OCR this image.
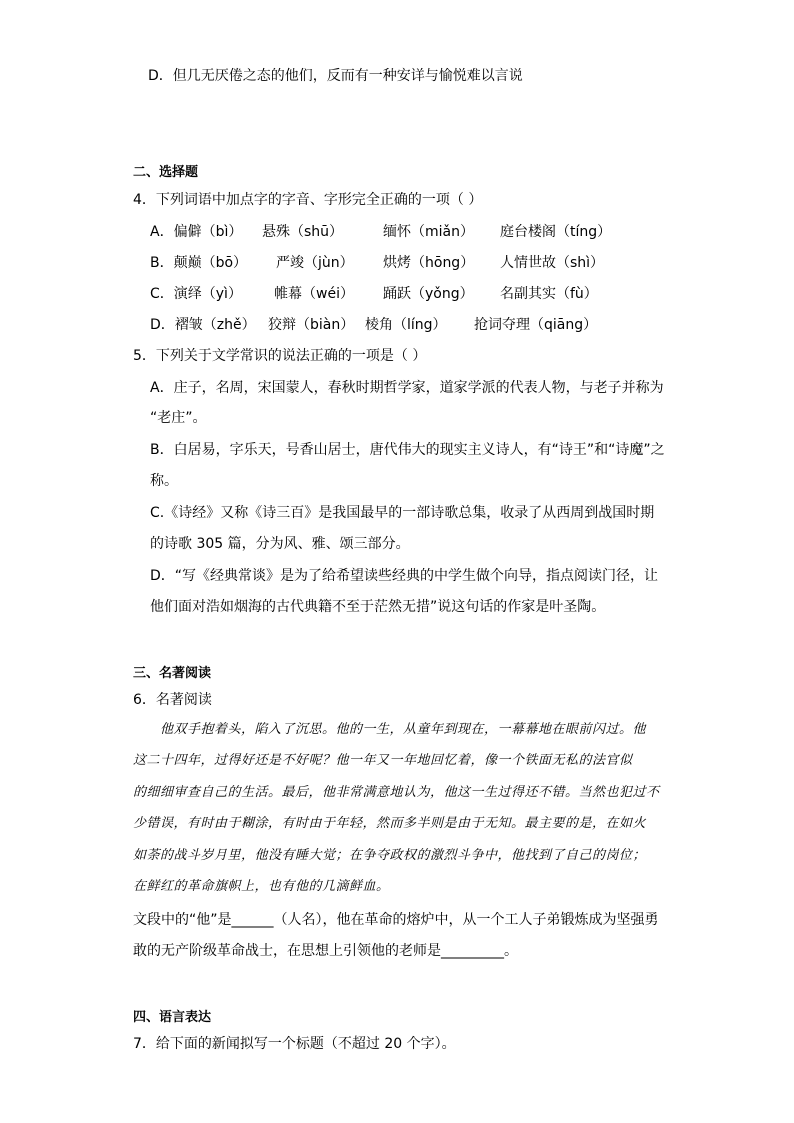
D．但几无厌倦之态的他们，反而有一种安详与愉悦难以言说
二、选择题
4．下列词语中加点字的字音、字形完全正确的一项（ ）
A．偏僻（bì） 悬殊（shū）	缅怀（miǎn） 庭台楼阁（tíng）
B．颠巅（bō） 严竣（jùn） 烘烤（hōng） 人情世故（shì）
C．演绎（yì） 帷幕（wéi） 踊跃（yǒng） 名副其实（fù）
D．褶皱（zhě） 狡辩（biàn） 棱角（líng） 抢词夺理（qiāng）
5．下列关于文学常识的说法正确的一项是（ ）
A．庄子，名周，宋国蒙人，春秋时期哲学家，道家学派的代表人物，与老子并称为
“老庄”。
B．白居易，字乐天，号香山居士，唐代伟大的现实主义诗人，有“诗王”和“诗魔”之
称。
C.《诗经》又称《诗三百》是我国最早的一部诗歌总集，收录了从西周到战国时期
的诗歌 305 篇，分为风、雅、颂三部分。
D．“写《经典常谈》是为了给希望读些经典的中学生做个向导，指点阅读门径，让
他们面对浩如烟海的古代典籍不至于茫然无措”说这句话的作家是叶圣陶。
三、名著阅读
6．名著阅读
他双手抱着头，陷入了沉思。他的一生，从童年到现在，一幕幕地在眼前闪过。他
这二十四年，过得好还是不好呢？他一年又一年地回忆着，像一个铁面无私的法官似
的细细审查自己的生活。最后，他非常满意地认为，他这一生过得还不错。当然也犯过不
少错误，有时由于糊涂，有时由于年轻，然而多半则是由于无知。最主要的是，在如火
如荼的战斗岁月里，他没有睡大觉；在争夺政权的激烈斗争中，他找到了自己的岗位；
在鲜红的革命旗帜上，也有他的几滴鲜血。
文段中的“他”是______（人名），他在革命的熔炉中，从一个工人子弟锻炼成为坚强勇
敢的无产阶级革命战士，在思想上引领他的老师是_________。
四、语言表达
7．给下面的新闻拟写一个标题（不超过 20 个字）。
